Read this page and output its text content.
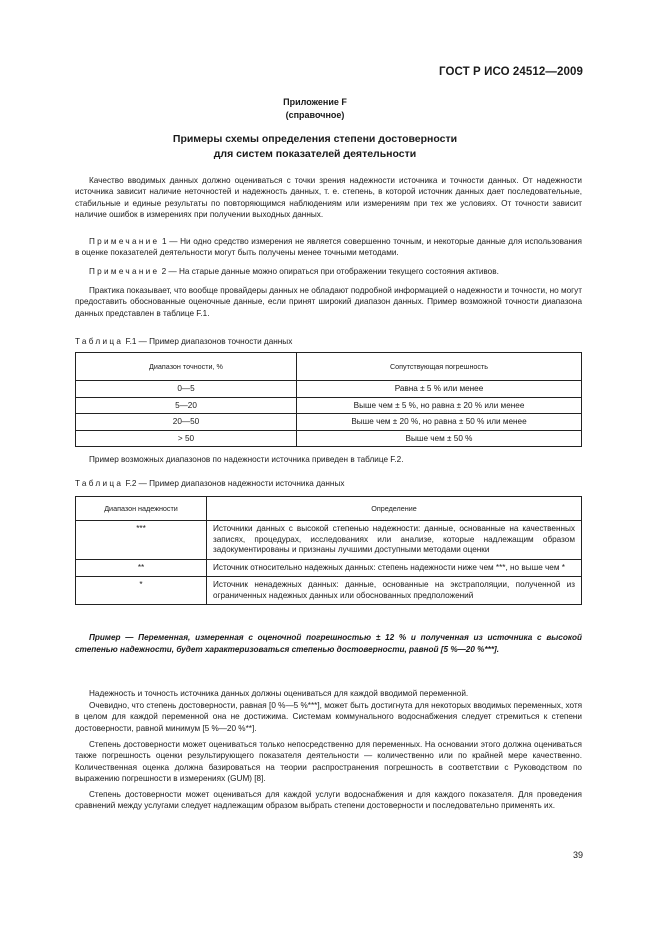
ГОСТ Р ИСО 24512—2009
Приложение F
(справочное)
Примеры схемы определения степени достоверности
для систем показателей деятельности
Качество вводимых данных должно оцениваться с точки зрения надежности источника и точности данных. От надежности источника зависит наличие неточностей и надежность данных, т. е. степень, в которой источник данных дает последовательные, стабильные и единые результаты по повторяющимся наблюдениям или измерениям при тех же условиях. От точности зависит наличие ошибок в измерениях при получении выходных данных.
Примечание 1 — Ни одно средство измерения не является совершенно точным, и некоторые данные для использования в оценке показателей деятельности могут быть получены менее точными методами.
Примечание 2 — На старые данные можно опираться при отображении текущего состояния активов.
Практика показывает, что вообще провайдеры данных не обладают подробной информацией о надежности и точности, но могут предоставить обоснованные оценочные данные, если принят широкий диапазон данных. Пример возможной точности диапазона данных представлен в таблице F.1.
Таблица F.1 — Пример диапазонов точности данных
Диапазон точности, %	Сопутствующая погрешность
0—5	Равна ± 5 % или менее
5—20	Выше чем ± 5 %, но равна ± 20 % или менее
20—50	Выше чем ± 20 %, но равна ± 50 % или менее
> 50	Выше чем ± 50 %
Пример возможных диапазонов по надежности источника приведен в таблице F.2.
Таблица F.2 — Пример диапазонов надежности источника данных
Диапазон надежности	Определение
***	Источники данных с высокой степенью надежности: данные, основанные на качественных записях, процедурах, исследованиях или анализе, которые надлежащим образом задокументированы и признаны лучшими доступными методами оценки
**	Источник относительно надежных данных: степень надежности ниже чем ***, но выше чем *
*	Источник ненадежных данных: данные, основанные на экстраполяции, полученной из ограниченных надежных данных или обоснованных предположений
Пример — Переменная, измеренная с оценочной погрешностью ± 12 % и полученная из источника с высокой степенью надежности, будет характеризоваться степенью достоверности, равной [5 %—20 %***].
Надежность и точность источника данных должны оцениваться для каждой вводимой переменной.
Очевидно, что степень достоверности, равная [0 %—5 %***], может быть достигнута для некоторых вводимых переменных, хотя в целом для каждой переменной она не достижима. Системам коммунального водоснабжения следует стремиться к степени достоверности, равной минимум [5 %—20 %**].
Степень достоверности может оцениваться только непосредственно для переменных. На основании этого должна оцениваться также погрешность оценки результирующего показателя деятельности — количественно или по крайней мере качественно. Количественная оценка должна базироваться на теории распространения погрешность в соответствии с Руководством по выражению погрешности в измерениях (GUM) [8].
Степень достоверности может оцениваться для каждой услуги водоснабжения и для каждого показателя. Для проведения сравнений между услугами следует надлежащим образом выбрать степени достоверности и последовательно применять их.
39
